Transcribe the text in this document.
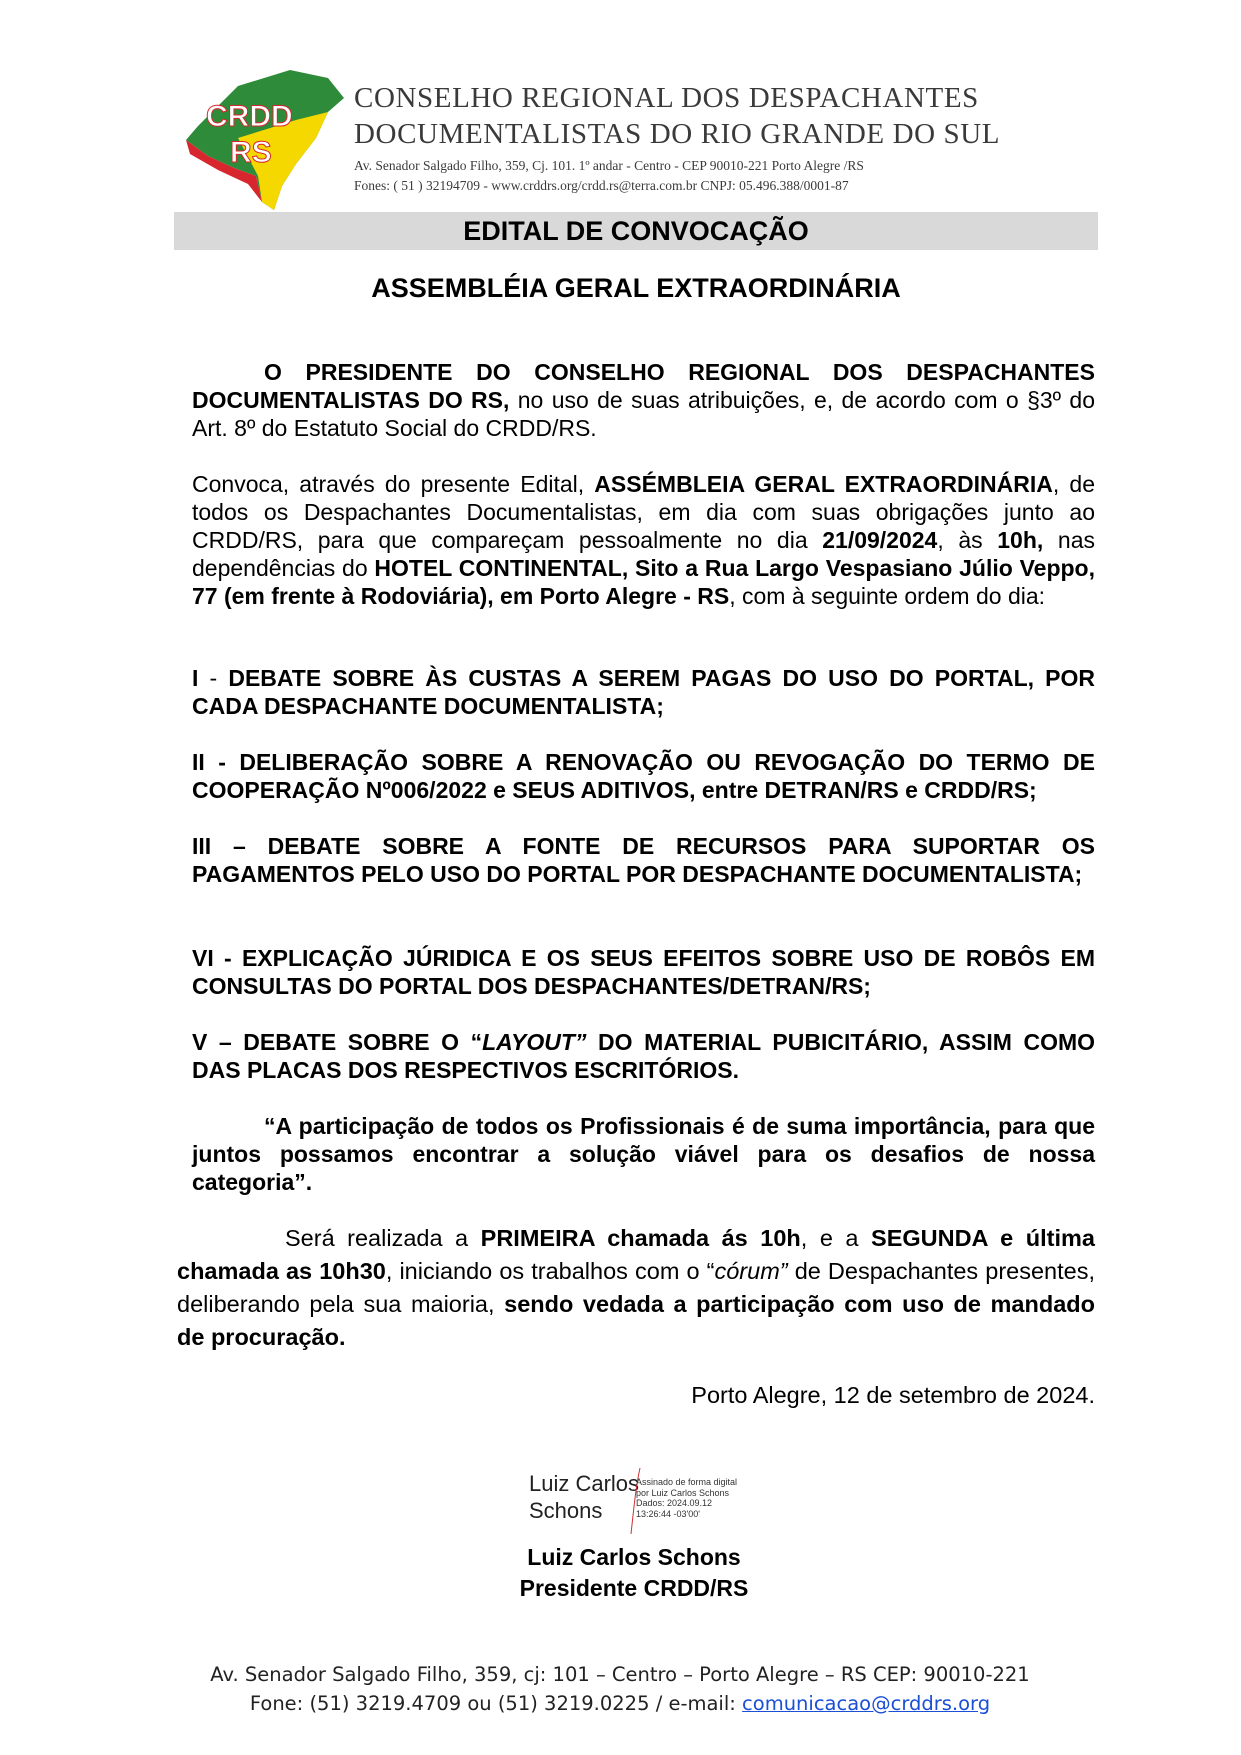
CRDD
RS
CONSELHO REGIONAL DOS DESPACHANTES
DOCUMENTALISTAS DO RIO GRANDE DO SUL
Av. Senador Salgado Filho, 359, Cj. 101. 1º andar - Centro - CEP 90010-221 Porto Alegre /RS
Fones: ( 51 ) 32194709 - www.crddrs.org/crdd.rs@terra.com.br CNPJ: 05.496.388/0001-87
EDITAL DE CONVOCAÇÃO
ASSEMBLÉIA GERAL EXTRAORDINÁRIA
O PRESIDENTE DO CONSELHO REGIONAL DOS DESPACHANTES DOCUMENTALISTAS DO RS, no uso de suas atribuições, e, de acordo com o §3º do Art. 8º do Estatuto Social do CRDD/RS.
Convoca, através do presente Edital, ASSÉMBLEIA GERAL EXTRAORDINÁRIA, de todos os Despachantes Documentalistas, em dia com suas obrigações junto ao CRDD/RS, para que compareçam pessoalmente no dia 21/09/2024, às 10h, nas dependências do HOTEL CONTINENTAL, Sito a Rua Largo Vespasiano Júlio Veppo, 77 (em frente à Rodoviária), em Porto Alegre - RS, com à seguinte ordem do dia:
I - DEBATE SOBRE ÀS CUSTAS A SEREM PAGAS DO USO DO PORTAL, POR CADA DESPACHANTE DOCUMENTALISTA;
II - DELIBERAÇÃO SOBRE A RENOVAÇÃO OU REVOGAÇÃO DO TERMO DE COOPERAÇÃO Nº006/2022 e SEUS ADITIVOS, entre DETRAN/RS e CRDD/RS;
III – DEBATE SOBRE A FONTE DE RECURSOS PARA SUPORTAR OS PAGAMENTOS PELO USO DO PORTAL POR DESPACHANTE DOCUMENTALISTA;
VI - EXPLICAÇÃO JÚRIDICA E OS SEUS EFEITOS SOBRE USO DE ROBÔS EM CONSULTAS DO PORTAL DOS DESPACHANTES/DETRAN/RS;
V – DEBATE SOBRE O “LAYOUT” DO MATERIAL PUBICITÁRIO, ASSIM COMO DAS PLACAS DOS RESPECTIVOS ESCRITÓRIOS.
“A participação de todos os Profissionais é de suma importância, para que juntos possamos encontrar a solução viável para os desafios de nossa categoria”.
Será realizada a PRIMEIRA chamada ás 10h, e a SEGUNDA e última chamada as 10h30, iniciando os trabalhos com o “córum” de Despachantes presentes, deliberando pela sua maioria, sendo vedada a participação com uso de mandado de procuração.
Porto Alegre, 12 de setembro de 2024.
Luiz Carlos
Schons
Assinado de forma digital
por Luiz Carlos Schons
Dados: 2024.09.12
13:26:44 -03'00'
Luiz Carlos Schons
Presidente CRDD/RS
Av. Senador Salgado Filho, 359, cj: 101 – Centro – Porto Alegre – RS CEP: 90010-221
Fone: (51) 3219.4709 ou (51) 3219.0225 / e-mail: comunicacao@crddrs.org
